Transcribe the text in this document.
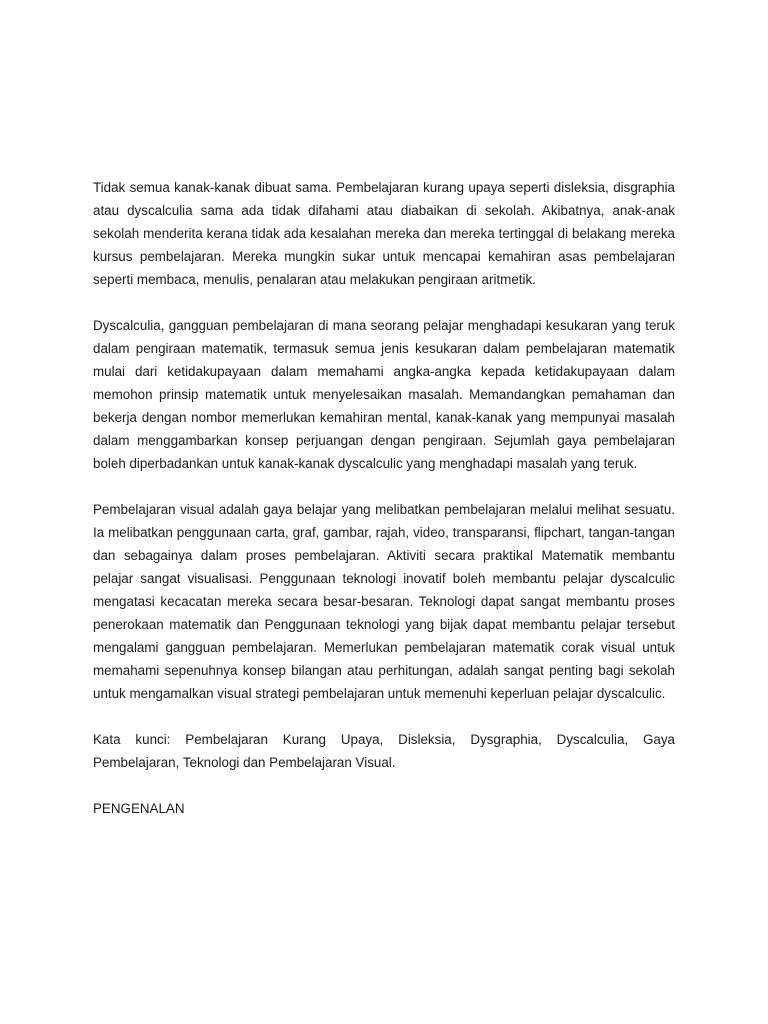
Tidak semua kanak-kanak dibuat sama. Pembelajaran kurang upaya seperti disleksia, disgraphia atau dyscalculia sama ada tidak difahami atau diabaikan di sekolah. Akibatnya, anak-anak sekolah menderita kerana tidak ada kesalahan mereka dan mereka tertinggal di belakang mereka kursus pembelajaran. Mereka mungkin sukar untuk mencapai kemahiran asas pembelajaran seperti membaca, menulis, penalaran atau melakukan pengiraan aritmetik.

Dyscalculia, gangguan pembelajaran di mana seorang pelajar menghadapi kesukaran yang teruk dalam pengiraan matematik, termasuk semua jenis kesukaran dalam pembelajaran matematik mulai dari ketidakupayaan dalam memahami angka-angka kepada ketidakupayaan dalam memohon prinsip matematik untuk menyelesaikan masalah. Memandangkan pemahaman dan bekerja dengan nombor memerlukan kemahiran mental, kanak-kanak yang mempunyai masalah dalam menggambarkan konsep perjuangan dengan pengiraan. Sejumlah gaya pembelajaran boleh diperbadankan untuk kanak-kanak dyscalculic yang menghadapi masalah yang teruk.

Pembelajaran visual adalah gaya belajar yang melibatkan pembelajaran melalui melihat sesuatu. Ia melibatkan penggunaan carta, graf, gambar, rajah, video, transparansi, flipchart, tangan-tangan dan sebagainya dalam proses pembelajaran. Aktiviti secara praktikal Matematik membantu pelajar sangat visualisasi. Penggunaan teknologi inovatif boleh membantu pelajar dyscalculic mengatasi kecacatan mereka secara besar-besaran. Teknologi dapat sangat membantu proses penerokaan matematik dan Penggunaan teknologi yang bijak dapat membantu pelajar tersebut mengalami gangguan pembelajaran. Memerlukan pembelajaran matematik corak visual untuk memahami sepenuhnya konsep bilangan atau perhitungan, adalah sangat penting bagi sekolah untuk mengamalkan visual strategi pembelajaran untuk memenuhi keperluan pelajar dyscalculic.

Kata kunci: Pembelajaran Kurang Upaya, Disleksia, Dysgraphia, Dyscalculia, Gaya Pembelajaran, Teknologi dan Pembelajaran Visual.

PENGENALAN
